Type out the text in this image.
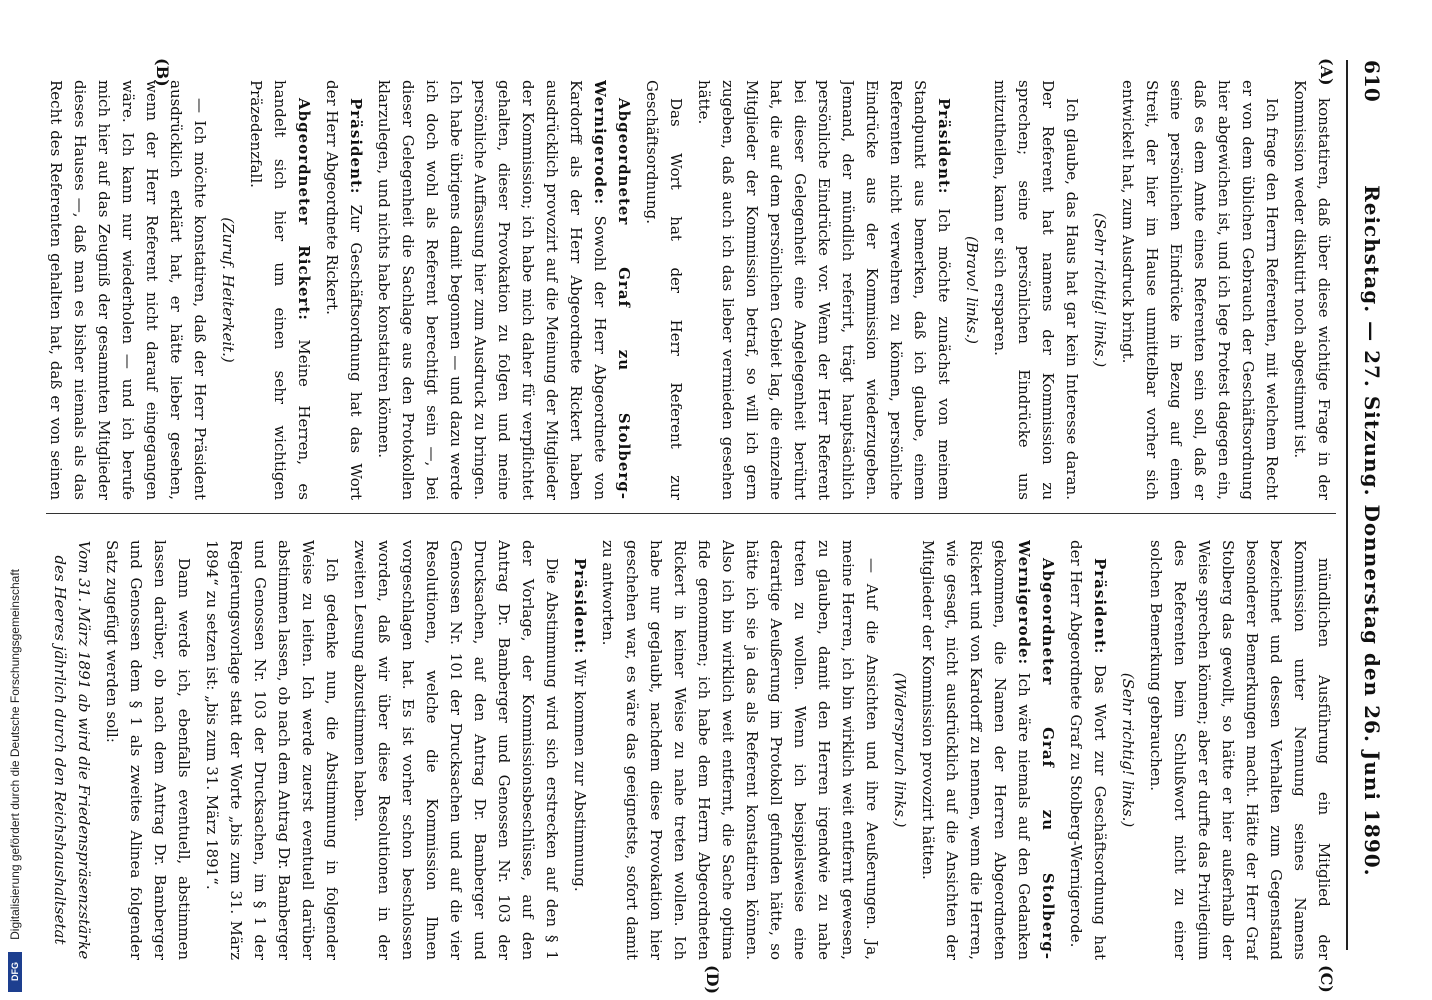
610
Reichstag. — 27. Sitzung. Donnerstag den 26. Juni 1890.
(A)
(B)
(C)
(D)

konstatiren, daß über diese wichtige Frage in der Kommission weder diskutirt noch abgestimmt ist.

Ich frage den Herrn Referenten, mit welchem Recht er von dem üblichen Gebrauch der Geschäftsordnung hier abgewichen ist, und ich lege Protest dagegen ein, daß es dem Amte eines Referenten sein soll, daß er seine persönlichen Eindrücke in Bezug auf einen Streit, der hier im Hause unmittelbar vorher sich entwickelt hat, zum Ausdruck bringt.

(Sehr richtig! links.)

Ich glaube, das Haus hat gar kein Interesse daran. Der Referent hat namens der Kommission zu sprechen; seine persönlichen Eindrücke uns mitzutheilen, kann er sich ersparen.

(Bravo! links.)

Präsident: Ich möchte zunächst von meinem Standpunkt aus bemerken, daß ich glaube, einem Referenten nicht verwehren zu können, persönliche Eindrücke aus der Kommission wiederzugeben. Jemand, der mündlich referirt, trägt hauptsächlich persönliche Eindrücke vor. Wenn der Herr Referent bei dieser Gelegenheit eine Angelegenheit berührt hat, die auf dem persönlichen Gebiet lag, die einzelne Mitglieder der Kommission betraf, so will ich gern zugeben, daß auch ich das lieber vermieden gesehen hätte.

Das Wort hat der Herr Referent zur Geschäftsordnung.

Abgeordneter Graf zu Stolberg-Wernigerode: Sowohl der Herr Abgeordnete von Kardorff als der Herr Abgeordnete Rickert haben ausdrücklich provozirt auf die Meinung der Mitglieder der Kommission; ich habe mich daher für verpflichtet gehalten, dieser Provokation zu folgen und meine persönliche Auffassung hier zum Ausdruck zu bringen. Ich habe übrigens damit begonnen — und dazu werde ich doch wohl als Referent berechtigt sein —, bei dieser Gelegenheit die Sachlage aus den Protokollen klarzulegen, und nichts habe konstatiren können.

Präsident: Zur Geschäftsordnung hat das Wort der Herr Abgeordnete Rickert.

Abgeordneter Rickert: Meine Herren, es handelt sich hier um einen sehr wichtigen Präzedenzfall.

(Zuruf. Heiterkeit.)

— Ich möchte konstatiren, daß der Herr Präsident ausdrücklich erklärt hat, er hätte lieber gesehen, wenn der Herr Referent nicht darauf eingegangen wäre. Ich kann nur wiederholen — und ich berufe mich hier auf das Zeugniß der gesammten Mitglieder dieses Hauses —, daß man es bisher niemals als das Recht des Referenten gehalten hat, daß er von seinen

mündlichen Ausführung ein Mitglied der Kommission unter Nennung seines Namens bezeichnet und dessen Verhalten zum Gegenstand besonderer Bemerkungen macht. Hätte der Herr Graf Stolberg das gewollt, so hätte er hier außerhalb der Weise sprechen können; aber er durfte das Privilegium des Referenten beim Schlußwort nicht zu einer solchen Bemerkung gebrauchen.

(Sehr richtig! links.)

Präsident: Das Wort zur Geschäftsordnung hat der Herr Abgeordnete Graf zu Stolberg-Wernigerode.

Abgeordneter Graf zu Stolberg-Wernigerode: Ich wäre niemals auf den Gedanken gekommen, die Namen der Herren Abgeordneten Rickert und von Kardorff zu nennen, wenn die Herren, wie gesagt, nicht ausdrücklich auf die Ansichten der Mitglieder der Kommission provozirt hätten.

(Widerspruch links.)

— Auf die Ansichten und ihre Aeußerungen. Ja, meine Herren, ich bin wirklich weit entfernt gewesen, zu glauben, damit den Herren irgendwie zu nahe treten zu wollen. Wenn ich beispielsweise eine derartige Aeußerung im Protokoll gefunden hätte, so hätte ich sie ja das als Referent konstatiren können. Also ich bin wirklich weit entfernt, die Sache optima fide genommen; ich habe dem Herrn Abgeordneten Rickert in keiner Weise zu nahe treten wollen. Ich habe nur geglaubt, nachdem diese Provokation hier geschehen war, es wäre das geeignetste, sofort damit zu antworten.

Präsident: Wir kommen zur Abstimmung.

Die Abstimmung wird sich erstrecken auf den § 1 der Vorlage, der Kommissionsbeschlüsse, auf den Antrag Dr. Bamberger und Genossen Nr. 103 der Drucksachen, auf den Antrag Dr. Bamberger und Genossen Nr. 101 der Drucksachen und auf die vier Resolutionen, welche die Kommission Ihnen vorgeschlagen hat. Es ist vorher schon beschlossen worden, daß wir über diese Resolutionen in der zweiten Lesung abzustimmen haben.

Ich gedenke nun, die Abstimmung in folgender Weise zu leiten. Ich werde zuerst eventuell darüber abstimmen lassen, ob nach dem Antrag Dr. Bamberger und Genossen Nr. 103 der Drucksachen, im § 1 der Regierungsvorlage statt der Worte „bis zum 31. März 1894“ zu setzen ist: „bis zum 31. März 1891“.

Dann werde ich, ebenfalls eventuell, abstimmen lassen darüber, ob nach dem Antrag Dr. Bamberger und Genossen dem § 1 als zweites Alinea folgender Satz zugefügt werden soll:

Vom 31. März 1891 ab wird die Friedenspräsenzstärke des Heeres jährlich durch den Reichshaushaltsetat

Digitalisierung gefördert durch die Deutsche Forschungsgemeinschaft
DFG
